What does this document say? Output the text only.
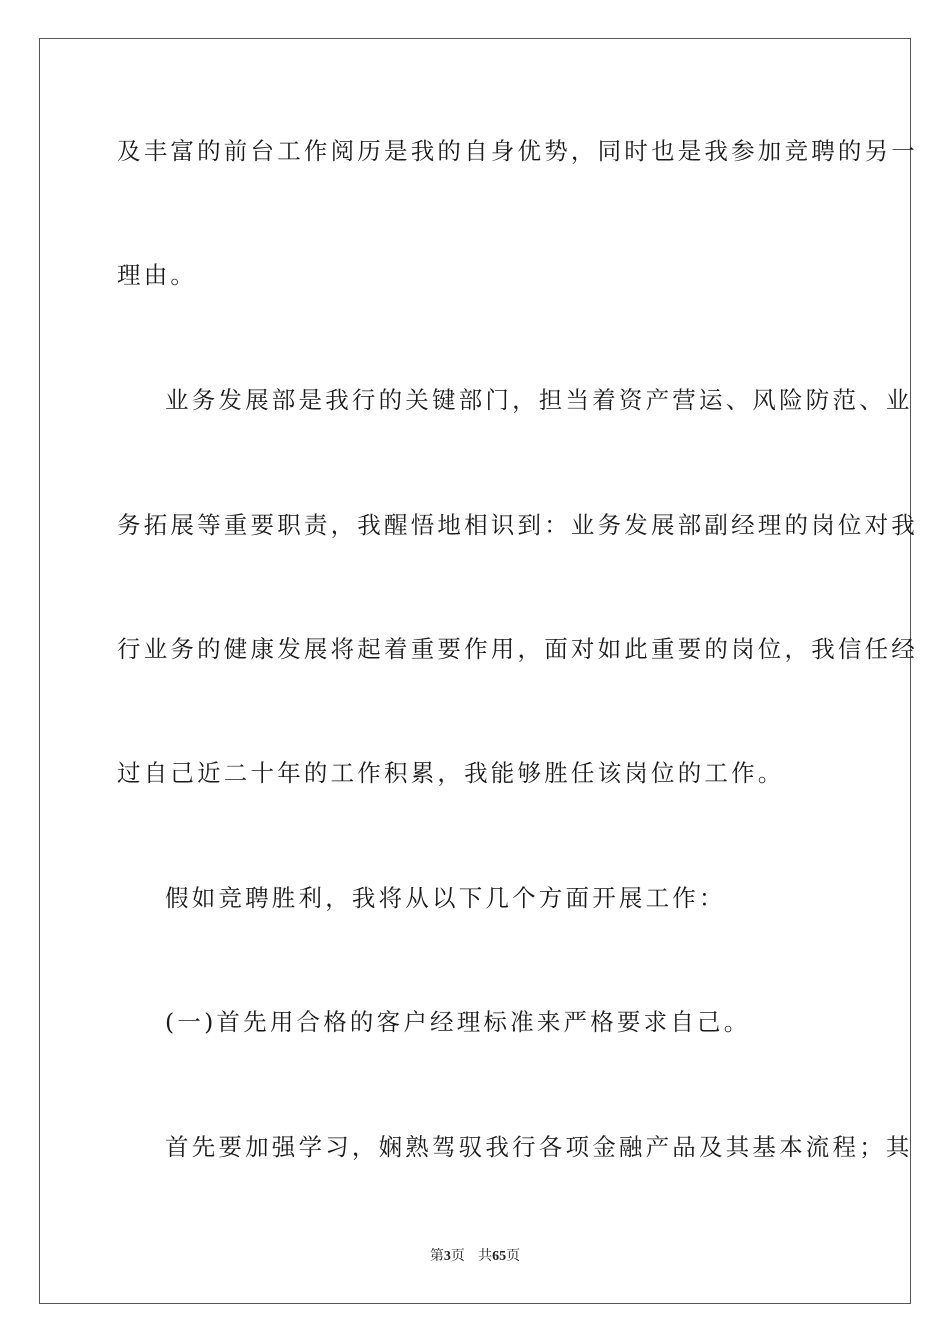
及丰富的前台工作阅历是我的自身优势，同时也是我参加竞聘的另一
理由。
业务发展部是我行的关键部门，担当着资产营运、风险防范、业
务拓展等重要职责，我醒悟地相识到：业务发展部副经理的岗位对我
行业务的健康发展将起着重要作用，面对如此重要的岗位，我信任经
过自己近二十年的工作积累，我能够胜任该岗位的工作。
假如竞聘胜利，我将从以下几个方面开展工作：
(一)首先用合格的客户经理标准来严格要求自己。
首先要加强学习，娴熟驾驭我行各项金融产品及其基本流程；其
第3页 共65页
